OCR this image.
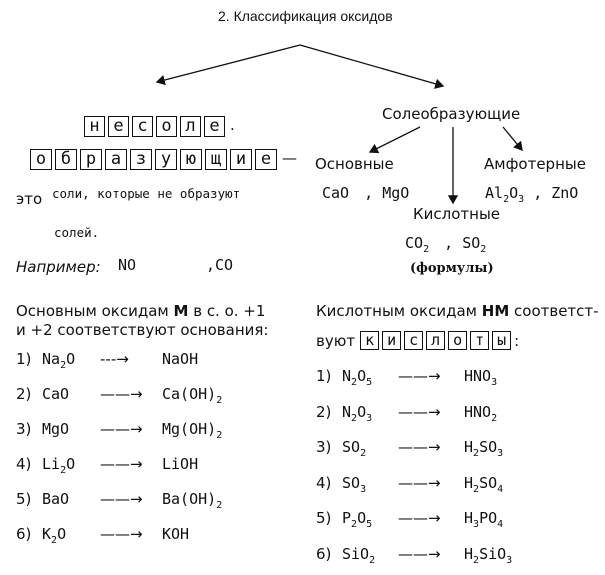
2. Классификация оксидов
н е с о л е .
о б р а з у ю щ и е —
это соли, которые не образуют
солей.
Например: NO	,CO
Солеобразующие
Основные	Амфотерные
CaO , MgO	$Al_2O_3$ , ZnO
Кислотные
$CO_2$ , $SO_2$
(формулы)
Основным оксидам М в с. о. +1
и +2 соответствуют основания:
1) $Na_2O$ ---→ NaOH
2) CaO ——→ $Ca(OH)_2$
3) MgO ——→ $Mg(OH)_2$
4) $Li_2O$ ——→ LiOH
5) BaO ——→ $Ba(OH)_2$
6) $K_2O$ ——→ KOH
Кислотным оксидам НМ соответст-
вуют к и с л о т ы :
1) $N_2O_5$ ——→ $HNO_3$
2) $N_2O_3$ ——→ $HNO_2$
3) $SO_2$ ——→ $H_2SO_3$
4) $SO_3$ ——→ $H_2SO_4$
5) $P_2O_5$ ——→ $H_3PO_4$
6) SiO$_2$ ——→ $H_2SiO_3$
